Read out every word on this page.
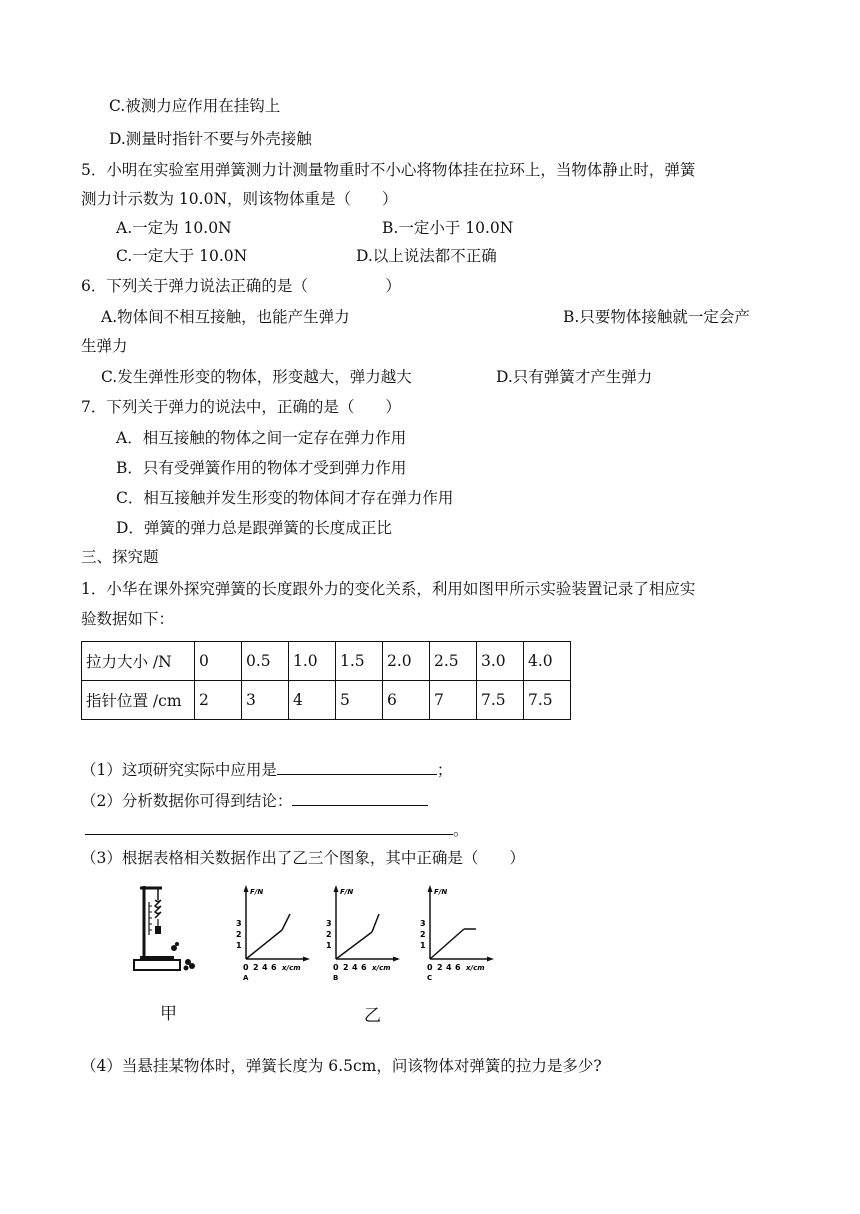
C.被测力应作用在挂钩上
D.测量时指针不要与外壳接触
5．小明在实验室用弹簧测力计测量物重时不小心将物体挂在拉环上，当物体静止时，弹簧
测力计示数为 10.0N，则该物体重是（　　）
A.一定为 10.0N	B.一定小于 10.0N
C.一定大于 10.0N	D.以上说法都不正确
6．下列关于弹力说法正确的是（　　　　　）
A.物体间不相互接触，也能产生弹力	B.只要物体接触就一定会产
生弹力
C.发生弹性形变的物体，形变越大，弹力越大	D.只有弹簧才产生弹力
7．下列关于弹力的说法中，正确的是（　　）
A．相互接触的物体之间一定存在弹力作用
B．只有受弹簧作用的物体才受到弹力作用
C．相互接触并发生形变的物体间才存在弹力作用
D．弹簧的弹力总是跟弹簧的长度成正比
三、探究题
1．小华在课外探究弹簧的长度跟外力的变化关系，利用如图甲所示实验装置记录了相应实
验数据如下：
拉力大小 /N	0	0.5	1.0	1.5	2.0	2.5	3.0	4.0
指针位置 /cm	2	3	4	5	6	7	7.5	7.5
（1）这项研究实际中应用是	；
（2）分析数据你可得到结论：
。
（3）根据表格相关数据作出了乙三个图象，其中正确是（　　）
F/N
1
2
3
0 2 4 6 x/cm
A
F/N
1
2
3
0 2 4 6 x/cm
B
F/N
1
2
3
0 2 4 6 x/cm
C
甲	乙
（4）当悬挂某物体时，弹簧长度为 6.5cm，问该物体对弹簧的拉力是多少?
